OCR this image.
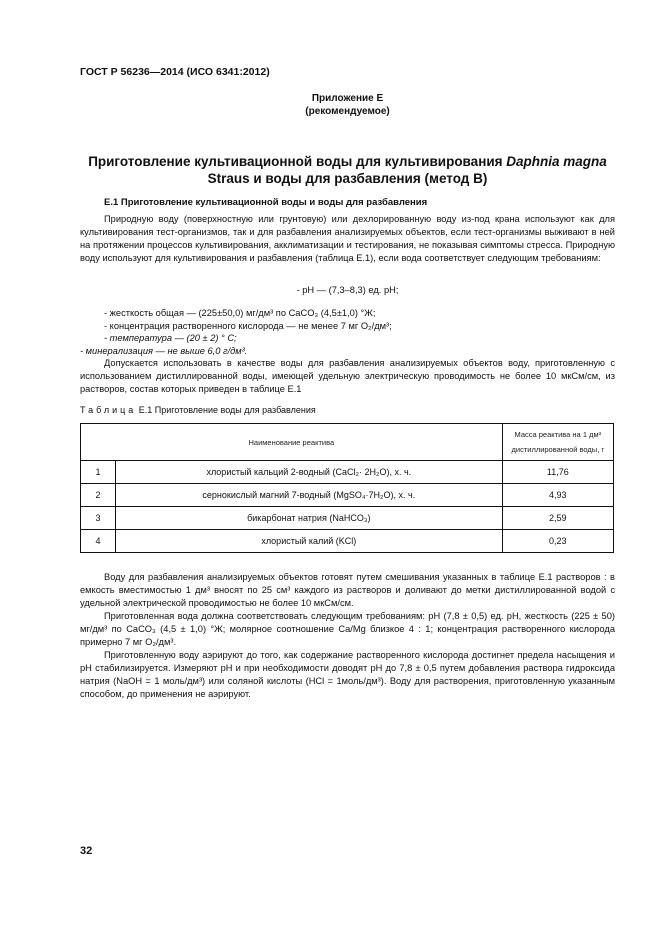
ГОСТ Р 56236—2014 (ИСО 6341:2012)
Приложение Е
(рекомендуемое)
Приготовление культивационной воды для культивирования Daphnia magna
Straus и воды для разбавления (метод В)
Е.1 Приготовление культивационной воды и воды для разбавления

Природную воду (поверхностную или грунтовую) или дехлорированную воду из-под крана используют как для культивирования тест-организмов, так и для разбавления анализируемых объектов, если тест-организмы выживают в ней на протяжении процессов культивирования, акклиматизации и тестирования, не показывая симптомы стресса. Природную воду используют для культивирования и разбавления (таблица Е.1), если вода соответствует следующим требованиям:

- pH — (7,3–8,3) ед. pH;
- жесткость общая — (225±50,0) мг/дм³ по CaCO₃ (4,5±1,0) °Ж;
- концентрация растворенного кислорода — не менее 7 мг O₂/дм³;
- температура — (20 ± 2) ° С;
- минерализация — не выше 6,0 г/дм³.

Допускается использовать в качестве воды для разбавления анализируемых объектов воду, приготовленную с использованием дистиллированной воды, имеющей удельную электрическую проводимость не более 10 мкСм/см, из растворов, состав которых приведен в таблице Е.1

Таблица Е.1 Приготовление воды для разбавления
Наименование реактива		Масса реактива на 1 дм³
дистиллированной воды, г

1	хлористый кальций 2-водный (CaCl₂· 2H₂O), х. ч.	11,76
2	сернокислый магний 7-водный (MgSO₄·7H₂O), х. ч.	4,93
3	бикарбонат натрия (NaHCO₃)	2,59
4	хлористый калий (KCl)	0,23

Воду для разбавления анализируемых объектов готовят путем смешивания указанных в таблице Е.1 растворов : в емкость вместимостью 1 дм³ вносят по 25 см³ каждого из растворов и доливают до метки дистиллированной водой с удельной электрической проводимостью не более 10 мкСм/см.

Приготовленная вода должна соответствовать следующим требованиям: pH (7,8 ± 0,5) ед. pH, жесткость (225 ± 50) мг/дм³ по CaCO₃ (4,5 ± 1,0) °Ж; молярное соотношение Ca/Mg близкое 4 : 1; концентрация растворенного кислорода примерно 7 мг O₂/дм³.

Приготовленную воду аэрируют до того, как содержание растворенного кислорода достигнет предела насыщения и pH стабилизируется. Измеряют pH и при необходимости доводят pH до 7,8 ± 0,5 путем добавления раствора гидроксида натрия (NaOH = 1 моль/дм³) или соляной кислоты (HCl = 1моль/дм³). Воду для растворения, приготовленную указанным способом, до применения не аэрируют.

32
